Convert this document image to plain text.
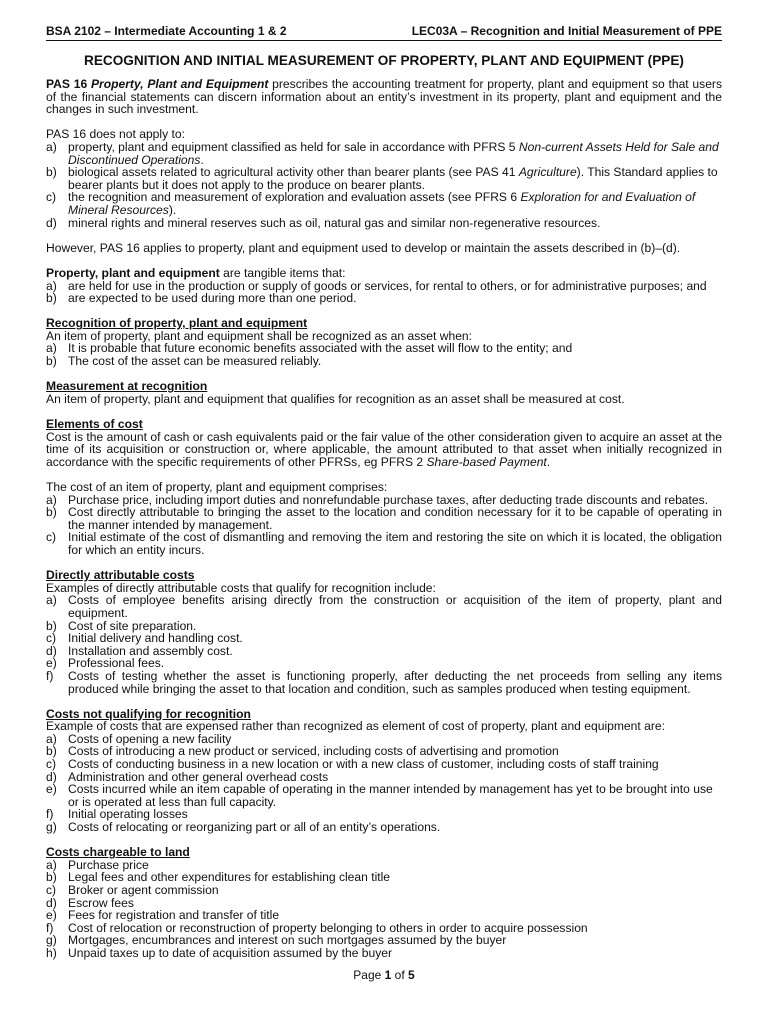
BSA 2102 – Intermediate Accounting 1 & 2	LEC03A – Recognition and Initial Measurement of PPE
RECOGNITION AND INITIAL MEASUREMENT OF PROPERTY, PLANT AND EQUIPMENT (PPE)

PAS 16 Property, Plant and Equipment prescribes the accounting treatment for property, plant and equipment so that users of the financial statements can discern information about an entity’s investment in its property, plant and equipment and the changes in such investment.

PAS 16 does not apply to:

a) property, plant and equipment classified as held for sale in accordance with PFRS 5 Non-current Assets Held for Sale and Discontinued Operations.
b) biological assets related to agricultural activity other than bearer plants (see PAS 41 Agriculture). This Standard applies to bearer plants but it does not apply to the produce on bearer plants.
c) the recognition and measurement of exploration and evaluation assets (see PFRS 6 Exploration for and Evaluation of Mineral Resources).
d) mineral rights and mineral reserves such as oil, natural gas and similar non-regenerative resources.

However, PAS 16 applies to property, plant and equipment used to develop or maintain the assets described in (b)–(d).

Property, plant and equipment are tangible items that:

a) are held for use in the production or supply of goods or services, for rental to others, or for administrative purposes; and
b) are expected to be used during more than one period.

Recognition of property, plant and equipment

An item of property, plant and equipment shall be recognized as an asset when:

a) It is probable that future economic benefits associated with the asset will flow to the entity; and
b) The cost of the asset can be measured reliably.

Measurement at recognition

An item of property, plant and equipment that qualifies for recognition as an asset shall be measured at cost.

Elements of cost

Cost is the amount of cash or cash equivalents paid or the fair value of the other consideration given to acquire an asset at the time of its acquisition or construction or, where applicable, the amount attributed to that asset when initially recognized in accordance with the specific requirements of other PFRSs, eg PFRS 2 Share-based Payment.

The cost of an item of property, plant and equipment comprises:

a) Purchase price, including import duties and nonrefundable purchase taxes, after deducting trade discounts and rebates.
b) Cost directly attributable to bringing the asset to the location and condition necessary for it to be capable of operating in the manner intended by management.
c) Initial estimate of the cost of dismantling and removing the item and restoring the site on which it is located, the obligation for which an entity incurs.

Directly attributable costs

Examples of directly attributable costs that qualify for recognition include:

a) Costs of employee benefits arising directly from the construction or acquisition of the item of property, plant and equipment.
b) Cost of site preparation.
c) Initial delivery and handling cost.
d) Installation and assembly cost.
e) Professional fees.
f)	Costs of testing whether the asset is functioning properly, after deducting the net proceeds from selling any items produced while bringing the asset to that location and condition, such as samples produced when testing equipment.

Costs not qualifying for recognition

Example of costs that are expensed rather than recognized as element of cost of property, plant and equipment are:

a) Costs of opening a new facility
b) Costs of introducing a new product or serviced, including costs of advertising and promotion
c) Costs of conducting business in a new location or with a new class of customer, including costs of staff training
d) Administration and other general overhead costs
e) Costs incurred while an item capable of operating in the manner intended by management has yet to be brought into use or is operated at less than full capacity.
f)	Initial operating losses
g) Costs of relocating or reorganizing part or all of an entity’s operations.

Costs chargeable to land

a) Purchase price
b) Legal fees and other expenditures for establishing clean title
c) Broker or agent commission
d) Escrow fees
e) Fees for registration and transfer of title
f)	Cost of relocation or reconstruction of property belonging to others in order to acquire possession
g) Mortgages, encumbrances and interest on such mortgages assumed by the buyer
h) Unpaid taxes up to date of acquisition assumed by the buyer
Page 1 of 5
